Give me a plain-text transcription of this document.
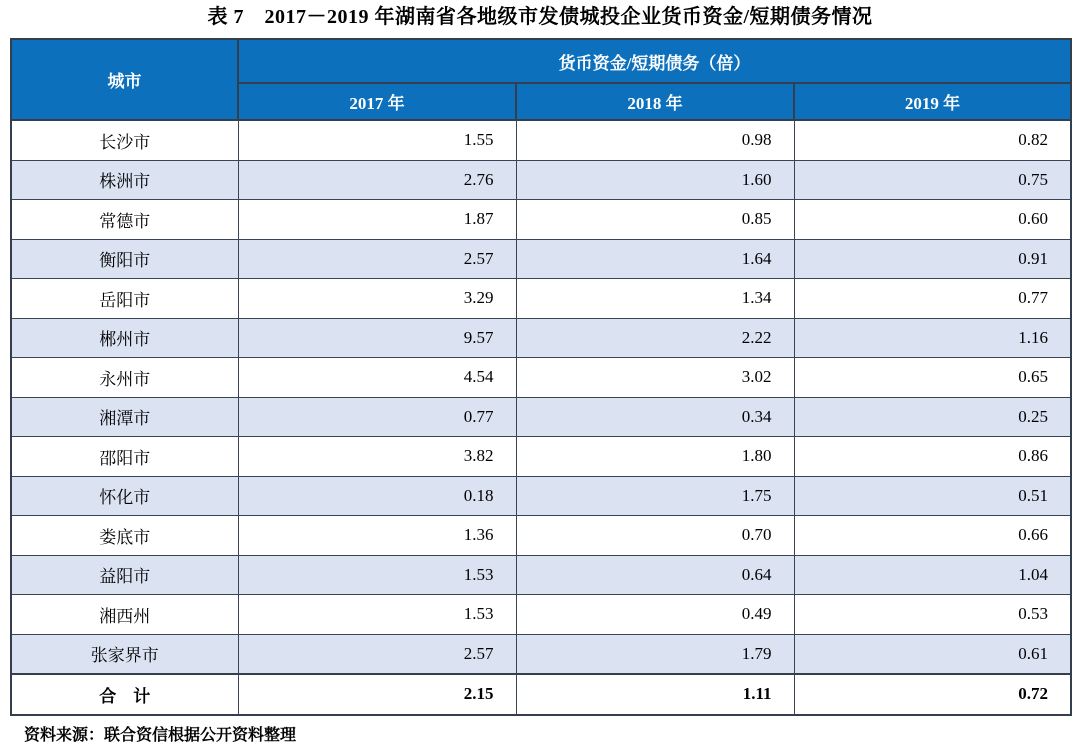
表 7　2017－2019 年湖南省各地级市发债城投企业货币资金/短期债务情况
城市	货币资金/短期债务（倍）		
	2017 年	2018 年	2019 年
长沙市	1.55	0.98	0.82
株洲市	2.76	1.60	0.75
常德市	1.87	0.85	0.60
衡阳市	2.57	1.64	0.91
岳阳市	3.29	1.34	0.77
郴州市	9.57	2.22	1.16
永州市	4.54	3.02	0.65
湘潭市	0.77	0.34	0.25
邵阳市	3.82	1.80	0.86
怀化市	0.18	1.75	0.51
娄底市	1.36	0.70	0.66
益阳市	1.53	0.64	1.04
湘西州	1.53	0.49	0.53
张家界市	2.57	1.79	0.61
合　计	2.15	1.11	0.72
资料来源：联合资信根据公开资料整理
